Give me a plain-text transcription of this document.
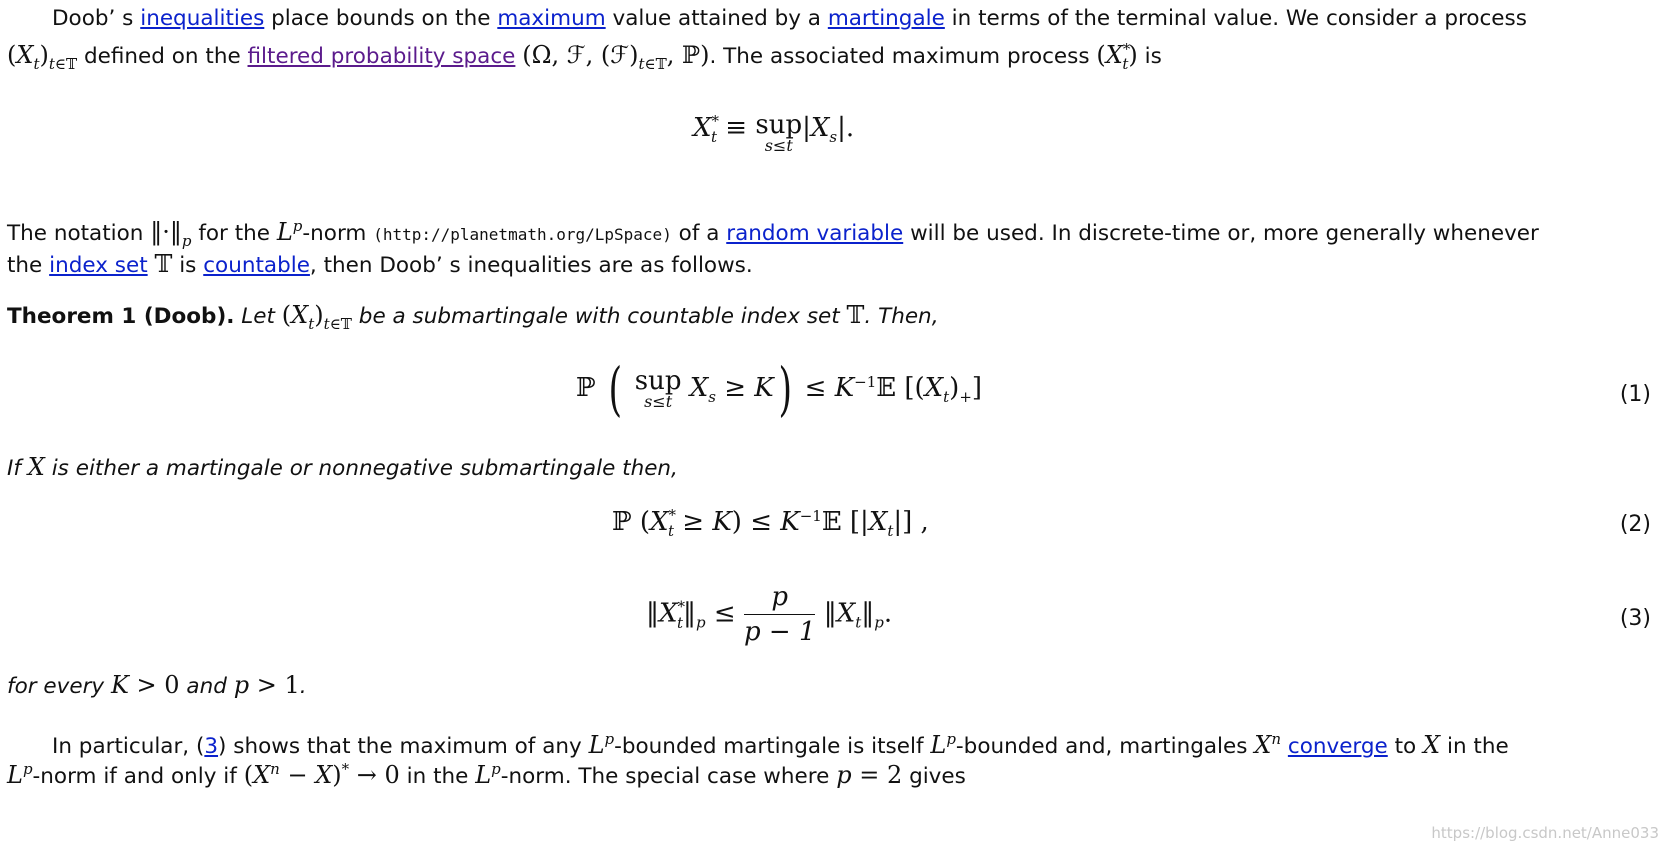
Doob’ s inequalities place bounds on the maximum value attained by a martingale in terms of the terminal value. We consider a process
$(X_t)_{t\in 𝕋}$ defined on the filtered probability space (Ω, ℱ, $(ℱ)_{t\in 𝕋}$, ℙ). The associated maximum process $(X^*_t)$ is
$X^*_t$ ≡ sup
s≤t
$|X_s|$.
The notation $‖\cdot‖_p$ for the $L^p$-norm (http://planetmath.org/LpSpace) of a random variable will be used. In discrete-time or, more generally whenever
the index set 𝕋 is countable, then Doob’ s inequalities are as follows.
Theorem 1 (Doob). Let $(X_t)_{t\in 𝕋}$ be a submartingale with countable index set 𝕋. Then,
ℙ ( sup
s≤t $X_s \ge K$) ≤ $K^{-1}𝔼$ $[(X_t)_+]$	(1)
If X is either a martingale or nonnegative submartingale then,
ℙ $(X^*_t \ge K)$ ≤ $K^{-1}𝔼$ $[|X_t|]$ ,	(2)
$‖X^*_t‖_p \le \frac{p}{p - 1}$ $‖X_t‖_p$.	(3)
for every K > 0 and p > 1.
In particular, (3) shows that the maximum of any $L^p$-bounded martingale is itself $L^p$-bounded and, martingales $X^n$ converge to X in the
$L^p$-norm if and only if $(X^n - X)^* \to 0$ in the $L^p$-norm. The special case where p = 2 gives
https://blog.csdn.net/Anne033
